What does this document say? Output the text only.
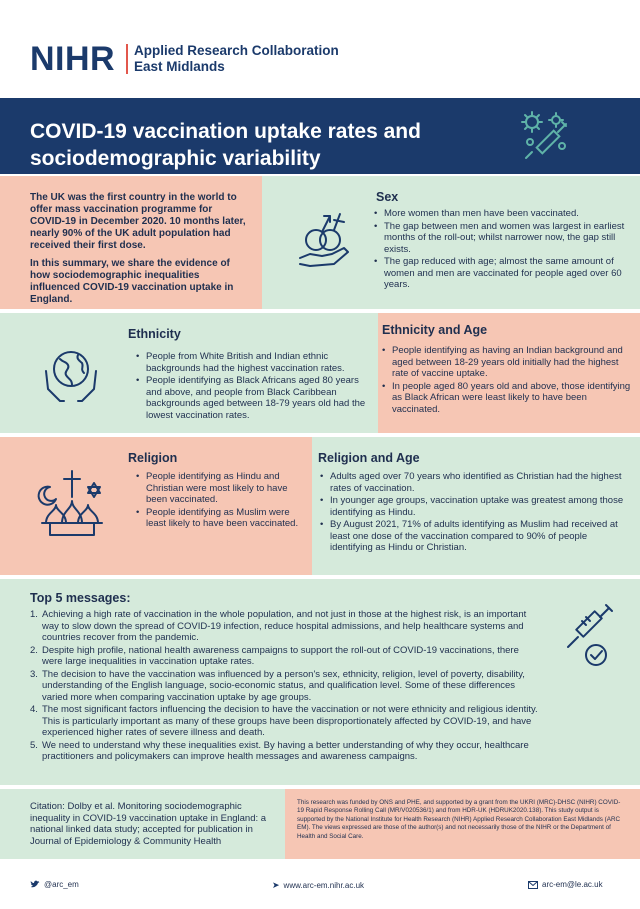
NIHR Applied Research Collaboration
East Midlands
COVID-19 vaccination uptake rates and
sociodemographic variability

The UK was the first country in the world to offer mass vaccination programme for COVID-19 in December 2020. 10 months later, nearly 90% of the UK adult population had received their first dose.

In this summary, we share the evidence of how sociodemographic inequalities influenced COVID-19 vaccination uptake in England.

Sex
• More women than men have been vaccinated.
• The gap between men and women was largest in earliest months of the roll-out; whilst narrower now, the gap still exists.
• The gap reduced with age; almost the same amount of women and men are vaccinated for people aged over 60 years.
Ethnicity
• People from White British and Indian ethnic backgrounds had the highest vaccination rates.
• People identifying as Black Africans aged 80 years and above, and people from Black Caribbean backgrounds aged between 18-79 years old had the lowest vaccination rates.
Ethnicity and Age
• People identifying as having an Indian background and aged between 18-29 years old initially had the highest rate of vaccine uptake.
• In people aged 80 years old and above, those identifying as Black African were least likely to have been vaccinated.
Religion
• People identifying as Hindu and Christian were most likely to have been vaccinated.
• People identifying as Muslim were least likely to have been vaccinated.
Religion and Age
• Adults aged over 70 years who identified as Christian had the highest rates of vaccination.
• In younger age groups, vaccination uptake was greatest among those identifying as Hindu.
• By August 2021, 71% of adults identifying as Muslim had received at least one dose of the vaccination compared to 90% of people identifying as Hindu or Christian.
Top 5 messages:
1. Achieving a high rate of vaccination in the whole population, and not just in those at the highest risk, is an important way to slow down the spread of COVID-19 infection, reduce hospital admissions, and help healthcare systems and countries recover from the pandemic.
2. Despite high profile, national health awareness campaigns to support the roll-out of COVID-19 vaccinations, there were large inequalities in vaccination uptake rates.
3. The decision to have the vaccination was influenced by a person's sex, ethnicity, religion, level of poverty, disability, understanding of the English language, socio-economic status, and qualification level. Some of these differences varied more when comparing vaccination uptake by age groups.
4. The most significant factors influencing the decision to have the vaccination or not were ethnicity and religious identity. This is particularly important as many of these groups have been disproportionately affected by COVID-19, and have experienced higher rates of severe illness and death.
5. We need to understand why these inequalities exist. By having a better understanding of why they occur, healthcare practitioners and policymakers can improve health messages and awareness campaigns.
Citation: Dolby et al. Monitoring sociodemographic inequality in COVID-19 vaccination uptake in England: a national linked data study; accepted for publication in Journal of Epidemiology & Community Health
This research was funded by ONS and PHE, and supported by a grant from the UKRI (MRC)-DHSC (NIHR) COVID-19 Rapid Response Rolling Call (MR/V020536/1) and from HDR-UK (HDRUK2020.138). This study output is supported by the National Institute for Health Research (NIHR) Applied Research Collaboration East Midlands (ARC EM). The views expressed are those of the author(s) and not necessarily those of the NIHR or the Department of Health and Social Care.
@arc_em	➤ www.arc-em.nihr.ac.uk	arc-em@le.ac.uk
